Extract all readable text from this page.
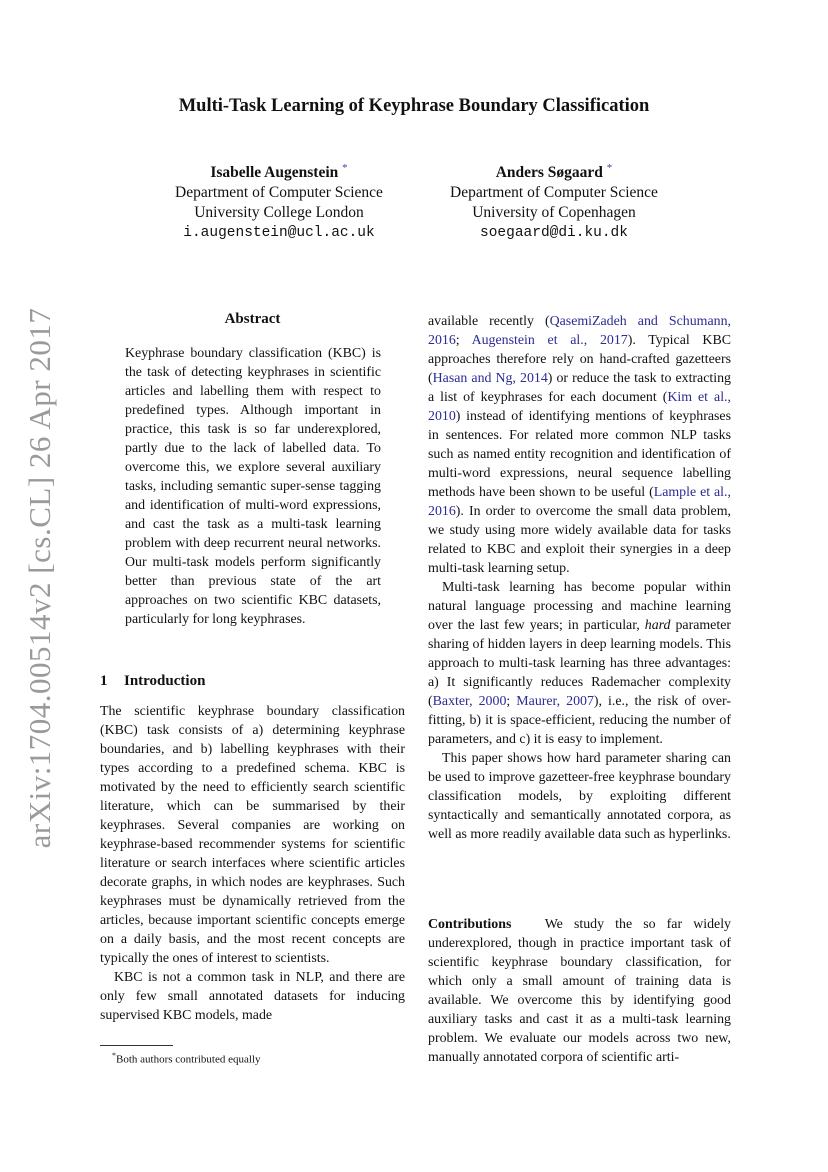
Multi-Task Learning of Keyphrase Boundary Classification
Isabelle Augenstein *
Department of Computer Science
University College London
i.augenstein@ucl.ac.uk
Anders Søgaard *
Department of Computer Science
University of Copenhagen
soegaard@di.ku.dk
arXiv:1704.00514v2 [cs.CL] 26 Apr 2017	Abstract
Keyphrase boundary classification (KBC) is the task of detecting keyphrases in scientific articles and labelling them with respect to predefined types. Although important in practice, this task is so far underexplored, partly due to the lack of labelled data. To overcome this, we explore several auxiliary tasks, including semantic super-sense tagging and identification of multi-word expressions, and cast the task as a multi-task learning problem with deep recurrent neural networks. Our multi-task models perform significantly better than previous state of the art approaches on two scientific KBC datasets, particularly for long keyphrases.
1 Introduction

The scientific keyphrase boundary classification (KBC) task consists of a) determining keyphrase boundaries, and b) labelling keyphrases with their types according to a predefined schema. KBC is motivated by the need to efficiently search scientific literature, which can be summarised by their keyphrases. Several companies are working on keyphrase-based recommender systems for scientific literature or search interfaces where scientific articles decorate graphs, in which nodes are keyphrases. Such keyphrases must be dynamically retrieved from the articles, because important scientific concepts emerge on a daily basis, and the most recent concepts are typically the ones of interest to scientists.

KBC is not a common task in NLP, and there are only few small annotated datasets for inducing supervised KBC models, made

available recently (QasemiZadeh and Schumann, 2016; Augenstein et al., 2017). Typical KBC approaches therefore rely on hand-crafted gazetteers (Hasan and Ng, 2014) or reduce the task to extracting a list of keyphrases for each document (Kim et al., 2010) instead of identifying mentions of keyphrases in sentences. For related more common NLP tasks such as named entity recognition and identification of multi-word expressions, neural sequence labelling methods have been shown to be useful (Lample et al., 2016). In order to overcome the small data problem, we study using more widely available data for tasks related to KBC and exploit their synergies in a deep multi-task learning setup.

Multi-task learning has become popular within natural language processing and machine learning over the last few years; in particular, hard parameter sharing of hidden layers in deep learning models. This approach to multi-task learning has three advantages: a) It significantly reduces Rademacher complexity (Baxter, 2000; Maurer, 2007), i.e., the risk of over-fitting, b) it is space-efficient, reducing the number of parameters, and c) it is easy to implement.

This paper shows how hard parameter sharing can be used to improve gazetteer-free keyphrase boundary classification models, by exploiting different syntactically and semantically annotated corpora, as well as more readily available data such as hyperlinks.

Contributions We study the so far widely underexplored, though in practice important task of scientific keyphrase boundary classification, for which only a small amount of training data is available. We overcome this by identifying good auxiliary tasks and cast it as a multi-task learning problem. We evaluate our models across two new, manually annotated corpora of scientific arti-
*Both authors contributed equally
